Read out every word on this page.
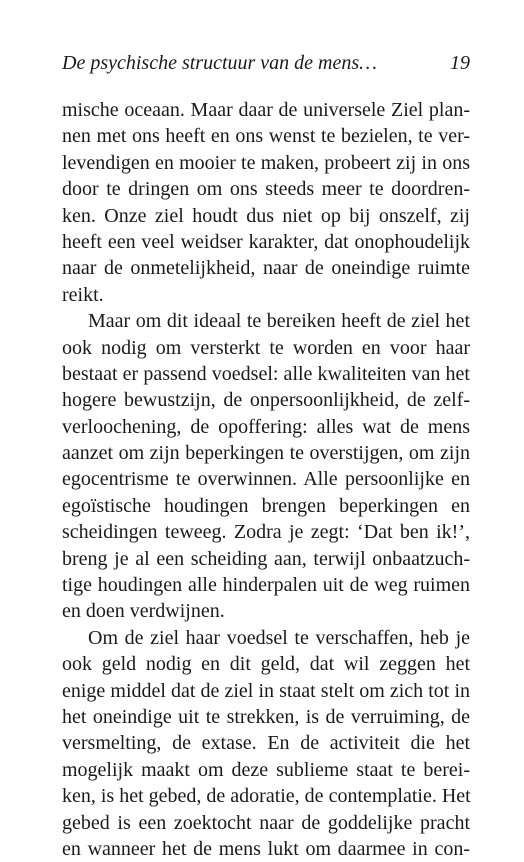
De psychische structuur van de mens…	19
mische oceaan. Maar daar de universele Ziel plan-
nen met ons heeft en ons wenst te bezielen, te ver-
levendigen en mooier te maken, probeert zij in ons
door te dringen om ons steeds meer te doordren-
ken. Onze ziel houdt dus niet op bij onszelf, zij
heeft een veel weidser karakter, dat onophoudelijk
naar de onmetelijkheid, naar de oneindige ruimte
reikt.
Maar om dit ideaal te bereiken heeft de ziel het
ook nodig om versterkt te worden en voor haar
bestaat er passend voedsel: alle kwaliteiten van het
hogere bewustzijn, de onpersoonlijkheid, de zelf-
verloochening, de opoffering: alles wat de mens
aanzet om zijn beperkingen te overstijgen, om zijn
egocentrisme te overwinnen. Alle persoonlijke en
egoïstische houdingen brengen beperkingen en
scheidingen teweeg. Zodra je zegt: ‘Dat ben ik!’,
breng je al een scheiding aan, terwijl onbaatzuch-
tige houdingen alle hinderpalen uit de weg ruimen
en doen verdwijnen.
Om de ziel haar voedsel te verschaffen, heb je
ook geld nodig en dit geld, dat wil zeggen het
enige middel dat de ziel in staat stelt om zich tot in
het oneindige uit te strekken, is de verruiming, de
versmelting, de extase. En de activiteit die het
mogelijk maakt om deze sublieme staat te berei-
ken, is het gebed, de adoratie, de contemplatie. Het
gebed is een zoektocht naar de goddelijke pracht
en wanneer het de mens lukt om daarmee in con-
